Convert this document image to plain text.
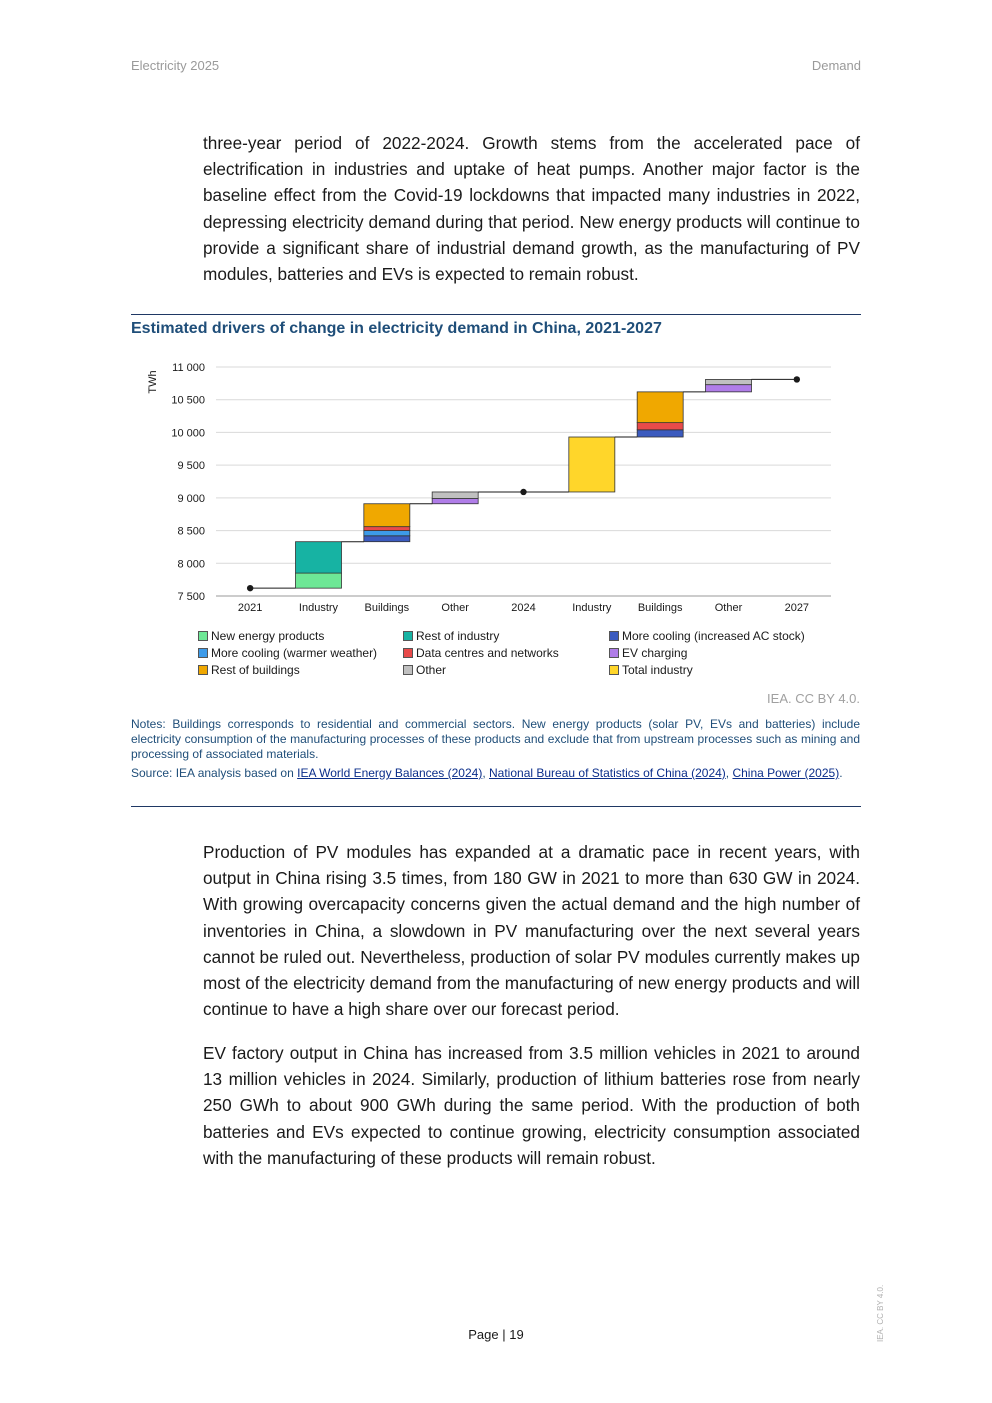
Electricity 2025	Demand

three-year period of 2022-2024. Growth stems from the accelerated pace of electrification in industries and uptake of heat pumps. Another major factor is the baseline effect from the Covid-19 lockdowns that impacted many industries in 2022, depressing electricity demand during that period. New energy products will continue to provide a significant share of industrial demand growth, as the manufacturing of PV modules, batteries and EVs is expected to remain robust.

Estimated drivers of change in electricity demand in China, 2021-2027
7 500
8 000
8 500
9 000
9 500
10 000
10 500
11 000
TWh
2021	Industry Buildings	Other	2024	Industry Buildings	Other	2027
New energy products	Rest of industry	More cooling (increased AC stock)
More cooling (warmer weather)	Data centres and networks	EV charging
Rest of buildings	Other	Total industry
IEA. CC BY 4.0.

Notes: Buildings corresponds to residential and commercial sectors. New energy products (solar PV, EVs and batteries) include electricity consumption of the manufacturing processes of these products and exclude that from upstream processes such as mining and processing of associated materials.

Source: IEA analysis based on IEA World Energy Balances (2024), National Bureau of Statistics of China (2024), China Power (2025).

Production of PV modules has expanded at a dramatic pace in recent years, with output in China rising 3.5 times, from 180 GW in 2021 to more than 630 GW in 2024. With growing overcapacity concerns given the actual demand and the high number of inventories in China, a slowdown in PV manufacturing over the next several years cannot be ruled out. Nevertheless, production of solar PV modules currently makes up most of the electricity demand from the manufacturing of new energy products and will continue to have a high share over our forecast period.

EV factory output in China has increased from 3.5 million vehicles in 2021 to around 13 million vehicles in 2024. Similarly, production of lithium batteries rose from nearly 250 GWh to about 900 GWh during the same period. With the production of both batteries and EVs expected to continue growing, electricity consumption associated with the manufacturing of these products will remain robust.

Page | 19	IEA. CC BY 4.0.
